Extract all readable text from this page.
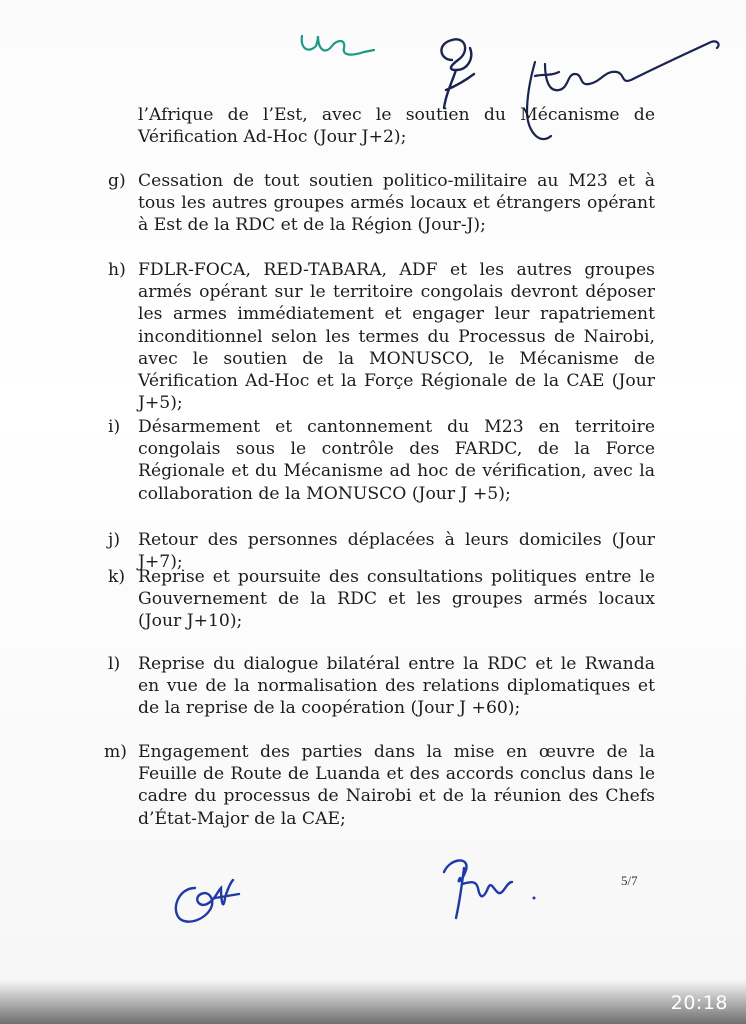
l’Afrique de l’Est, avec le soutien du Mécanisme de
Vérification Ad-Hoc (Jour J+2);
g) Cessation de tout soutien politico-militaire au M23 et à tous les autres groupes armés locaux et étrangers opérant à Est de la RDC et de la Région (Jour-J);
h) FDLR-FOCA, RED-TABARA, ADF et les autres groupes armés opérant sur le territoire congolais devront déposer les armes immédiatement et engager leur rapatriement inconditionnel selon les termes du Processus de Nairobi, avec le soutien de la MONUSCO, le Mécanisme de Vérification Ad-Hoc et la Forçe Régionale de la CAE (Jour J+5);
i) Désarmement et cantonnement du M23 en territoire congolais sous le contrôle des FARDC, de la Force Régionale et du Mécanisme ad hoc de vérification, avec la collaboration de la MONUSCO (Jour J +5);
j) Retour des personnes déplacées à leurs domiciles (Jour J+7);
k) Reprise et poursuite des consultations politiques entre le Gouvernement de la RDC et les groupes armés locaux (Jour J+10);
l) Reprise du dialogue bilatéral entre la RDC et le Rwanda en vue de la normalisation des relations diplomatiques et de la reprise de la coopération (Jour J +60);
m) Engagement des parties dans la mise en œuvre de la Feuille de Route de Luanda et des accords conclus dans le cadre du processus de Nairobi et de la réunion des Chefs d’État-Major de la CAE;
5/7
20:18
